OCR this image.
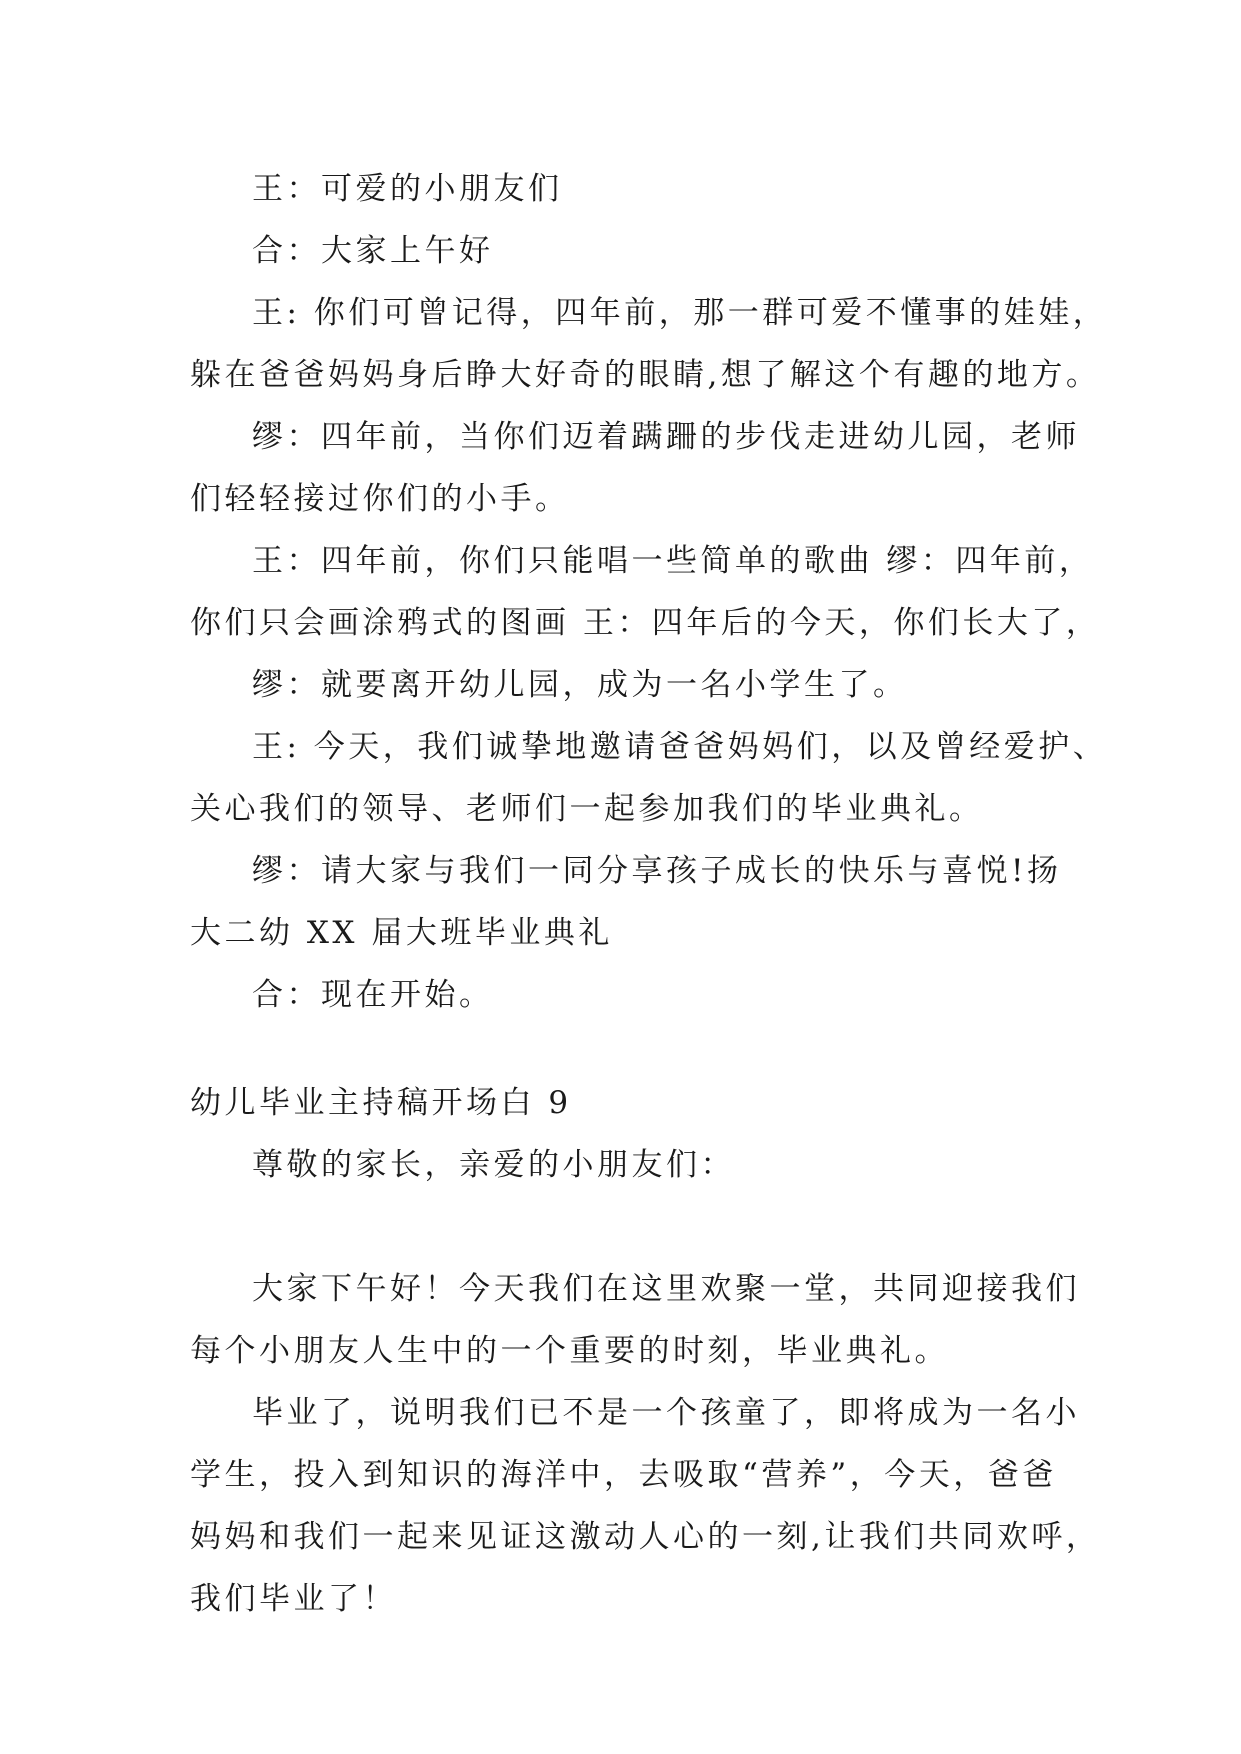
王：可爱的小朋友们
合：大家上午好
王: 你们可曾记得，四年前，那一群可爱不懂事的娃娃，
躲在爸爸妈妈身后睁大好奇的眼睛,想了解这个有趣的地方。
缪：四年前，当你们迈着蹒跚的步伐走进幼儿园，老师
们轻轻接过你们的小手。
王：四年前，你们只能唱一些简单的歌曲 缪：四年前，
你们只会画涂鸦式的图画 王：四年后的今天，你们长大了，
缪：就要离开幼儿园，成为一名小学生了。
王: 今天，我们诚挚地邀请爸爸妈妈们，以及曾经爱护、
关心我们的领导、老师们一起参加我们的毕业典礼。
缪：请大家与我们一同分享孩子成长的快乐与喜悦!扬
大二幼 XX 届大班毕业典礼
合：现在开始。
幼儿毕业主持稿开场白 9
尊敬的家长，亲爱的小朋友们：
大家下午好！今天我们在这里欢聚一堂，共同迎接我们
每个小朋友人生中的一个重要的时刻，毕业典礼。
毕业了，说明我们已不是一个孩童了，即将成为一名小
学生，投入到知识的海洋中，去吸取“营养”，今天，爸爸
妈妈和我们一起来见证这激动人心的一刻,让我们共同欢呼，
我们毕业了！
